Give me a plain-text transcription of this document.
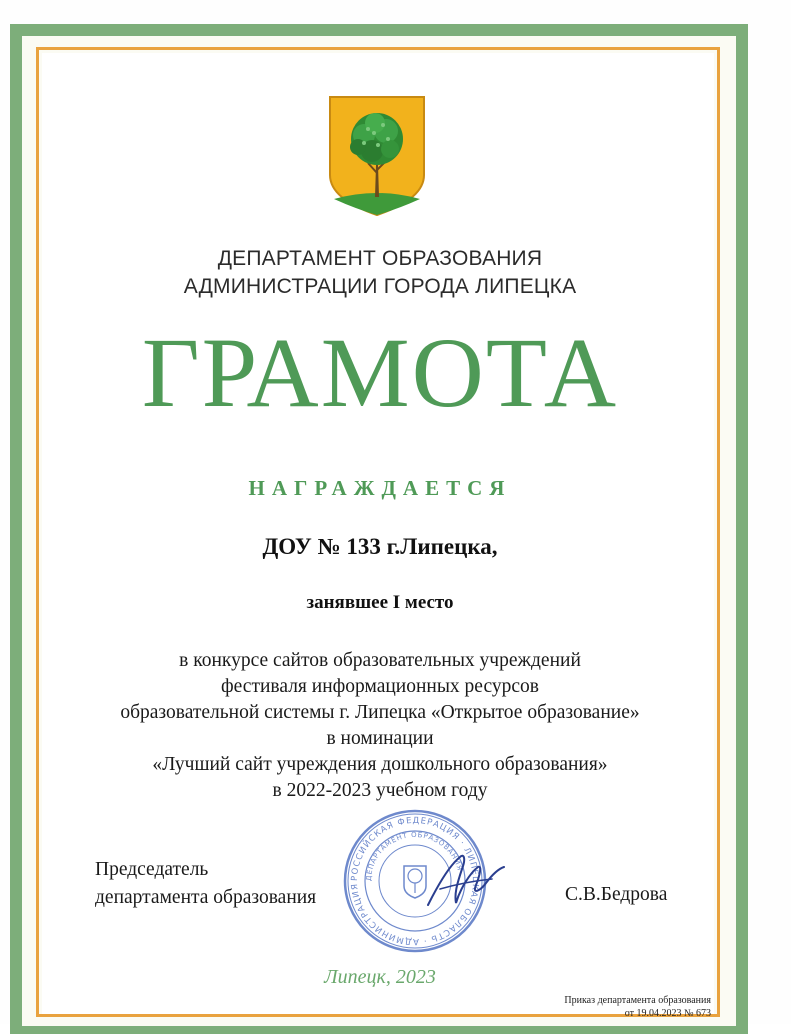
ДЕПАРТАМЕНТ ОБРАЗОВАНИЯ
АДМИНИСТРАЦИИ ГОРОДА ЛИПЕЦКА
ГРАМОТА
НАГРАЖДАЕТСЯ
ДОУ № 133 г.Липецка,
занявшее I место
в конкурсе сайтов образовательных учреждений
фестиваля информационных ресурсов
образовательной системы г. Липецка «Открытое образование»
в номинации
«Лучший сайт учреждения дошкольного образования»
в 2022-2023 учебном году
РОССИЙСКАЯ ФЕДЕРАЦИЯ · ЛИПЕЦКАЯ ОБЛАСТЬ · АДМИНИСТРАЦИЯ
ДЕПАРТАМЕНТ ОБРАЗОВАНИЯ
Председатель
департамента образования	С.В.Бедрова
Липецк, 2023
Приказ департамента образования
от 19.04.2023 № 673
